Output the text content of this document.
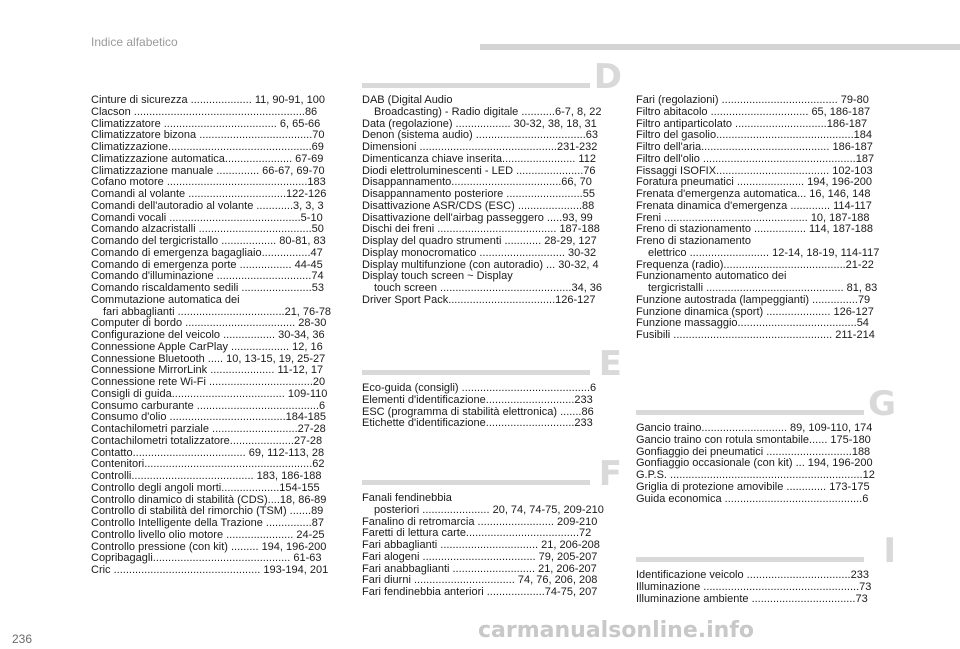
Indice alfabetico
Cinture di sicurezza .................... 11, 90-91, 100
Clacson ........................................................86
Climatizzatore ..................................... 6, 65-66
Climatizzatore bizona .....................................70
Climatizzazione...............................................69
Climatizzazione automatica...................... 67-69
Climatizzazione manuale .............. 66-67, 69-70
Cofano motore ..............................................183
Comandi al volante ................................122-126
Comandi dell'autoradio al volante ............3, 3, 3
Comandi vocali ...........................................5-10
Comando alzacristalli .....................................50
Comando del tergicristallo .................. 80-81, 83
Comando di emergenza bagagliaio................47
Comando di emergenza porte ................. 44-45
Comando d'illuminazione ...............................74
Comando riscaldamento sedili .......................53
Commutazione automatica dei
fari abbaglianti ...................................21, 76-78
Computer di bordo .................................... 28-30
Configurazione del veicolo ................. 30-34, 36
Connessione Apple CarPlay ................... 12, 16
Connessione Bluetooth ..... 10, 13-15, 19, 25-27
Connessione MirrorLink ..................... 11-12, 17
Connessione rete Wi-Fi ..................................20
Consigli di guida..................................... 109-110
Consumo carburante ........................................6
Consumo d'olio ......................................184-185
Contachilometri parziale ............................27-28
Contachilometri totalizzatore.....................27-28
Contatto..................................... 69, 112-113, 28
Contenitori.......................................................62
Controlli........................................ 183, 186-188
Controllo degli angoli morti...................154-155
Controllo dinamico di stabilità (CDS)....18, 86-89
Controllo di stabilità del rimorchio (TSM) .......89
Controllo Intelligente della Trazione ...............87
Controllo livello olio motore ...................... 24-25
Controllo pressione (con kit) ......... 194, 196-200
Copribagagli............................................. 61-63
Cric ................................................ 193-194, 201
D
DAB (Digital Audio
Broadcasting) - Radio digitale ...........6-7, 8, 22
Data (regolazione) .................. 30-32, 38, 18, 31
Denon (sistema audio) ....................................63
Dimensioni .............................................231-232
Dimenticanza chiave inserita........................ 112
Diodi elettroluminescenti - LED ......................76
Disappannamento....................................66, 70
Disappannamento posteriore .........................55
Disattivazione ASR/CDS (ESC) .....................88
Disattivazione dell'airbag passeggero .....93, 99
Dischi dei freni ....................................... 187-188
Display del quadro strumenti ............ 28-29, 127
Display monocromatico ............................ 30-32
Display multifunzione (con autoradio) ... 30-32, 4
Display touch screen ~ Display
touch screen ...........................................34, 36
Driver Sport Pack...................................126-127
E
Eco-guida (consigli) ..........................................6
Elementi d'identificazione.............................233
ESC (programma di stabilità elettronica) .......86
Etichette d'identificazione.............................233
F
Fanali fendinebbia
posteriori ...................... 20, 74, 74-75, 209-210
Fanalino di retromarcia ......................... 209-210
Faretti di lettura carte.....................................72
Fari abbaglianti ................................ 21, 206-208
Fari alogeni ..................................... 79, 205-207
Fari anabbaglianti ........................... 21, 206-207
Fari diurni ................................. 74, 76, 206, 208
Fari fendinebbia anteriori ...................74-75, 207
Fari (regolazioni) ...................................... 79-80
Filtro abitacolo ................................ 65, 186-187
Filtro antiparticolato ..............................186-187
Filtro del gasolio.............................................184
Filtro dell'aria.......................................... 186-187
Filtro dell'olio ..................................................187
Fissaggi ISOFIX..................................... 102-103
Foratura pneumatici ...................... 194, 196-200
Frenata d'emergenza automatica... 16, 146, 148
Frenata dinamica d'emergenza ............. 114-117
Freni ............................................... 10, 187-188
Freno di stazionamento ................. 114, 187-188
Freno di stazionamento
elettrico .......................... 12-14, 18-19, 114-117
Frequenza (radio)........................................21-22
Funzionamento automatico dei
tergicristalli ............................................. 81, 83
Funzione autostrada (lampeggianti) ...............79
Funzione dinamica (sport) ..................... 126-127
Funzione massaggio.......................................54
Fusibili .................................................... 211-214
G
Gancio traino............................ 89, 109-110, 174
Gancio traino con rotula smontabile...... 175-180
Gonfiaggio dei pneumatici ............................188
Gonfiaggio occasionale (con kit) ... 194, 196-200
G.P.S. ...............................................................12
Griglia di protezione amovibile ............. 173-175
Guida economica .............................................6
I
Identificazione veicolo ..................................233
Illuminazione ...................................................73
Illuminazione ambiente ..................................73
236	carmanualsonline.info
